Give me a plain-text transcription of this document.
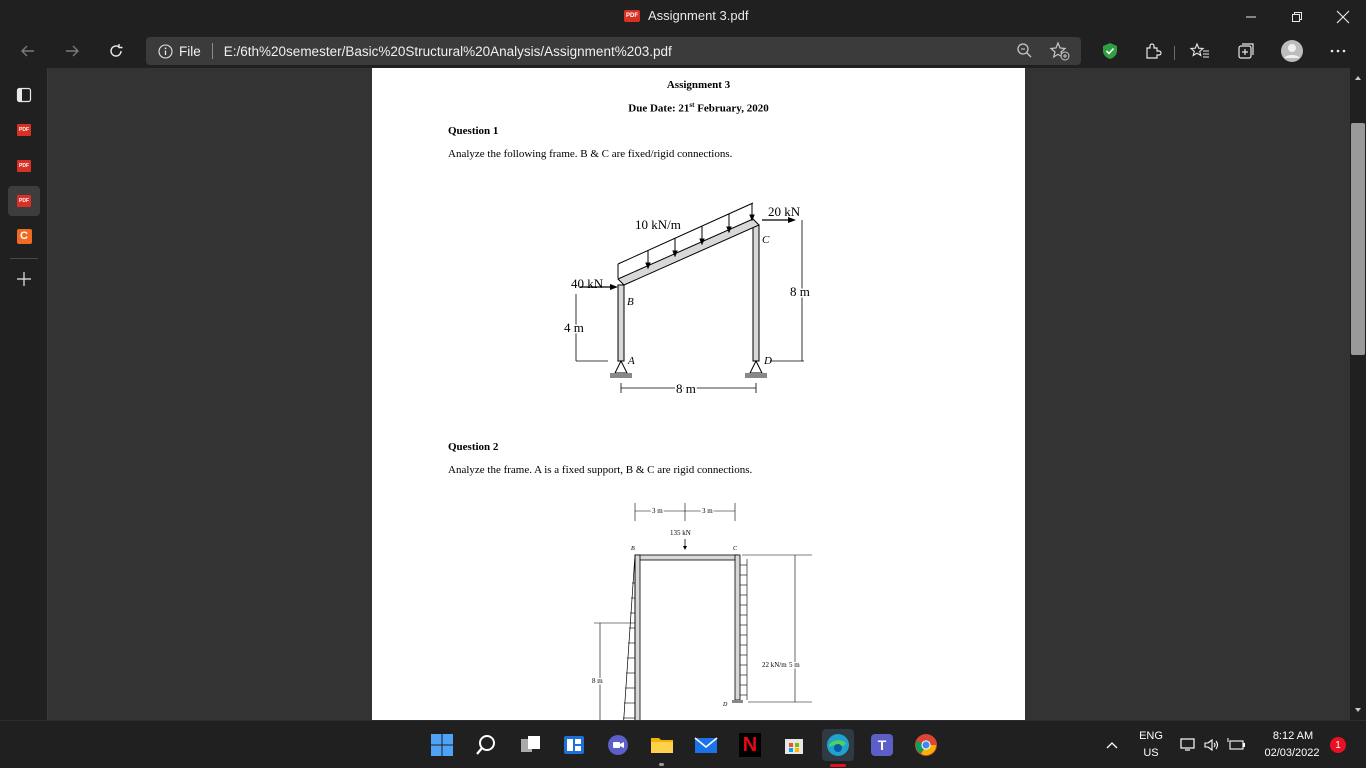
PDF Assignment 3.pdf
File E:/6th%20semester/Basic%20Structural%20Analysis/Assignment%203.pdf
PDF
PDF
PDF
C
Assignment 3
Due Date: 21st February, 2020
Question 1
Analyze the following frame. B & C are fixed/rigid connections.
10 kN/m
20 kN
40 kN
B
C
A	D
4 m
8 m
8 m
Question 2
Analyze the frame. A is a fixed support, B & C are rigid connections.
3 m	3 m
135 kN
B	C
D
22 kN/m 5 m
8 m
N	T
ENG
US
8:12 AM
02/03/2022
1
